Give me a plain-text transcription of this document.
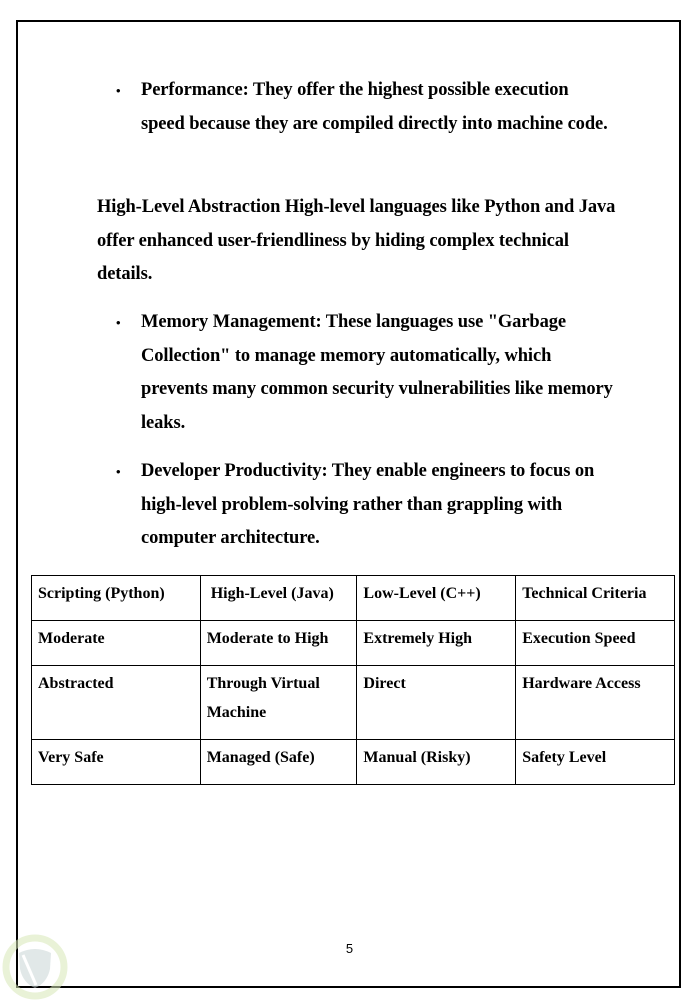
• Performance: They offer the highest possible execution speed because they are compiled directly into machine code.
High-Level Abstraction High-level languages like Python and Java offer enhanced user-friendliness by hiding complex technical details.
• Memory Management: These languages use "Garbage Collection" to manage memory automatically, which prevents many common security vulnerabilities like memory leaks.
• Developer Productivity: They enable engineers to focus on high-level problem-solving rather than grappling with computer architecture.
Scripting (Python)	High-Level (Java)	Low-Level (C++)	Technical Criteria
Moderate	Moderate to High	Extremely High	Execution Speed
Abstracted	Through Virtual Machine	Direct	Hardware Access
Very Safe	Managed (Safe)	Manual (Risky)	Safety Level
5
